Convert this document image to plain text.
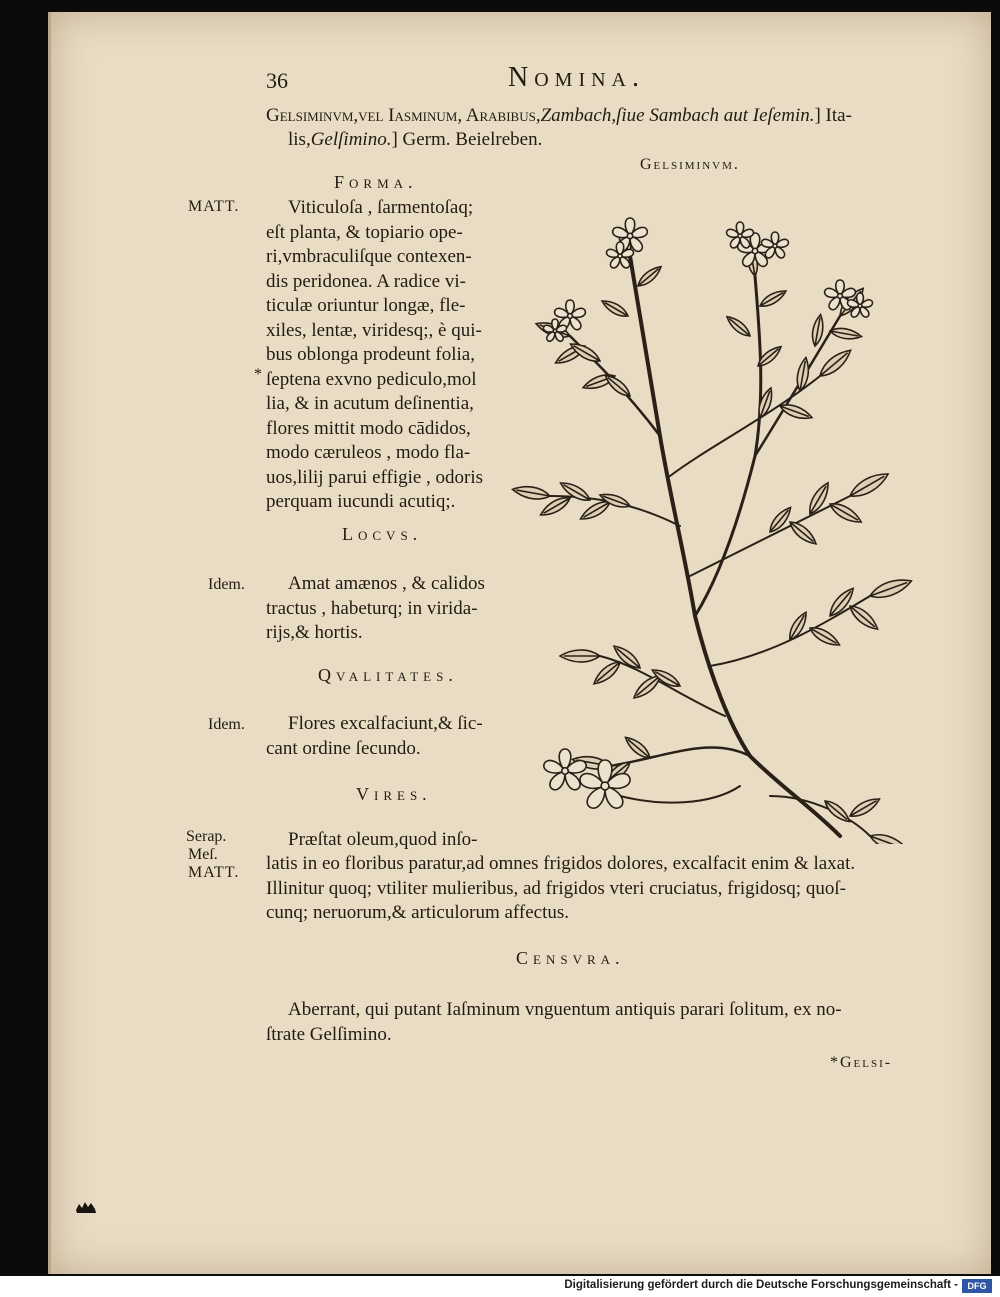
36	Nomina.
Gelsiminvm,vel Iaſminum, Arabibus,Zambach,ſiue Sambach aut Ieſemin.] Ita-
lis,Gelſimino.] Germ. Beielreben.
Gelsiminvm.
Forma.
MATT.	Viticuloſa , ſarmentoſaq;

eſt planta, & topiario ope-

ri,vmbraculiſque contexen-

dis peridonea. A radice vi-

ticulæ oriuntur longæ, fle-

xiles, lentæ, viridesq;, è qui-

bus oblonga prodeunt folia,

ſeptena exvno pediculo,mol

lia, & in acutum deſinentia,

flores mittit modo cādidos,

modo cæruleos , modo fla-

uos,lilij parui effigie , odoris

perquam iucundi acutiq;.

*
Locvs.
Idem.	Amat amænos , & calidos

tractus , habeturq; in virida-

rijs,& hortis.

Qvalitates.
Idem.	Flores excalfaciunt,& ſic-

cant ordine ſecundo.

Vires.
Serap.
Meſ.
MATT.
Præſtat oleum,quod inſo-

latis in eo floribus paratur,ad omnes frigidos dolores, excalfacit enim & laxat.

Illinitur quoq; vtiliter mulieribus, ad frigidos vteri cruciatus, frigidosq; quoſ-

cunq; neruorum,& articulorum affectus.

Censvra.

Aberrant, qui putant Iaſminum vnguentum antiquis parari ſolitum, ex no-

ſtrate Gelſimino.

*Gelsi-
Digitalisierung gefördert durch die Deutsche Forschungsgemeinschaft -	DFG
